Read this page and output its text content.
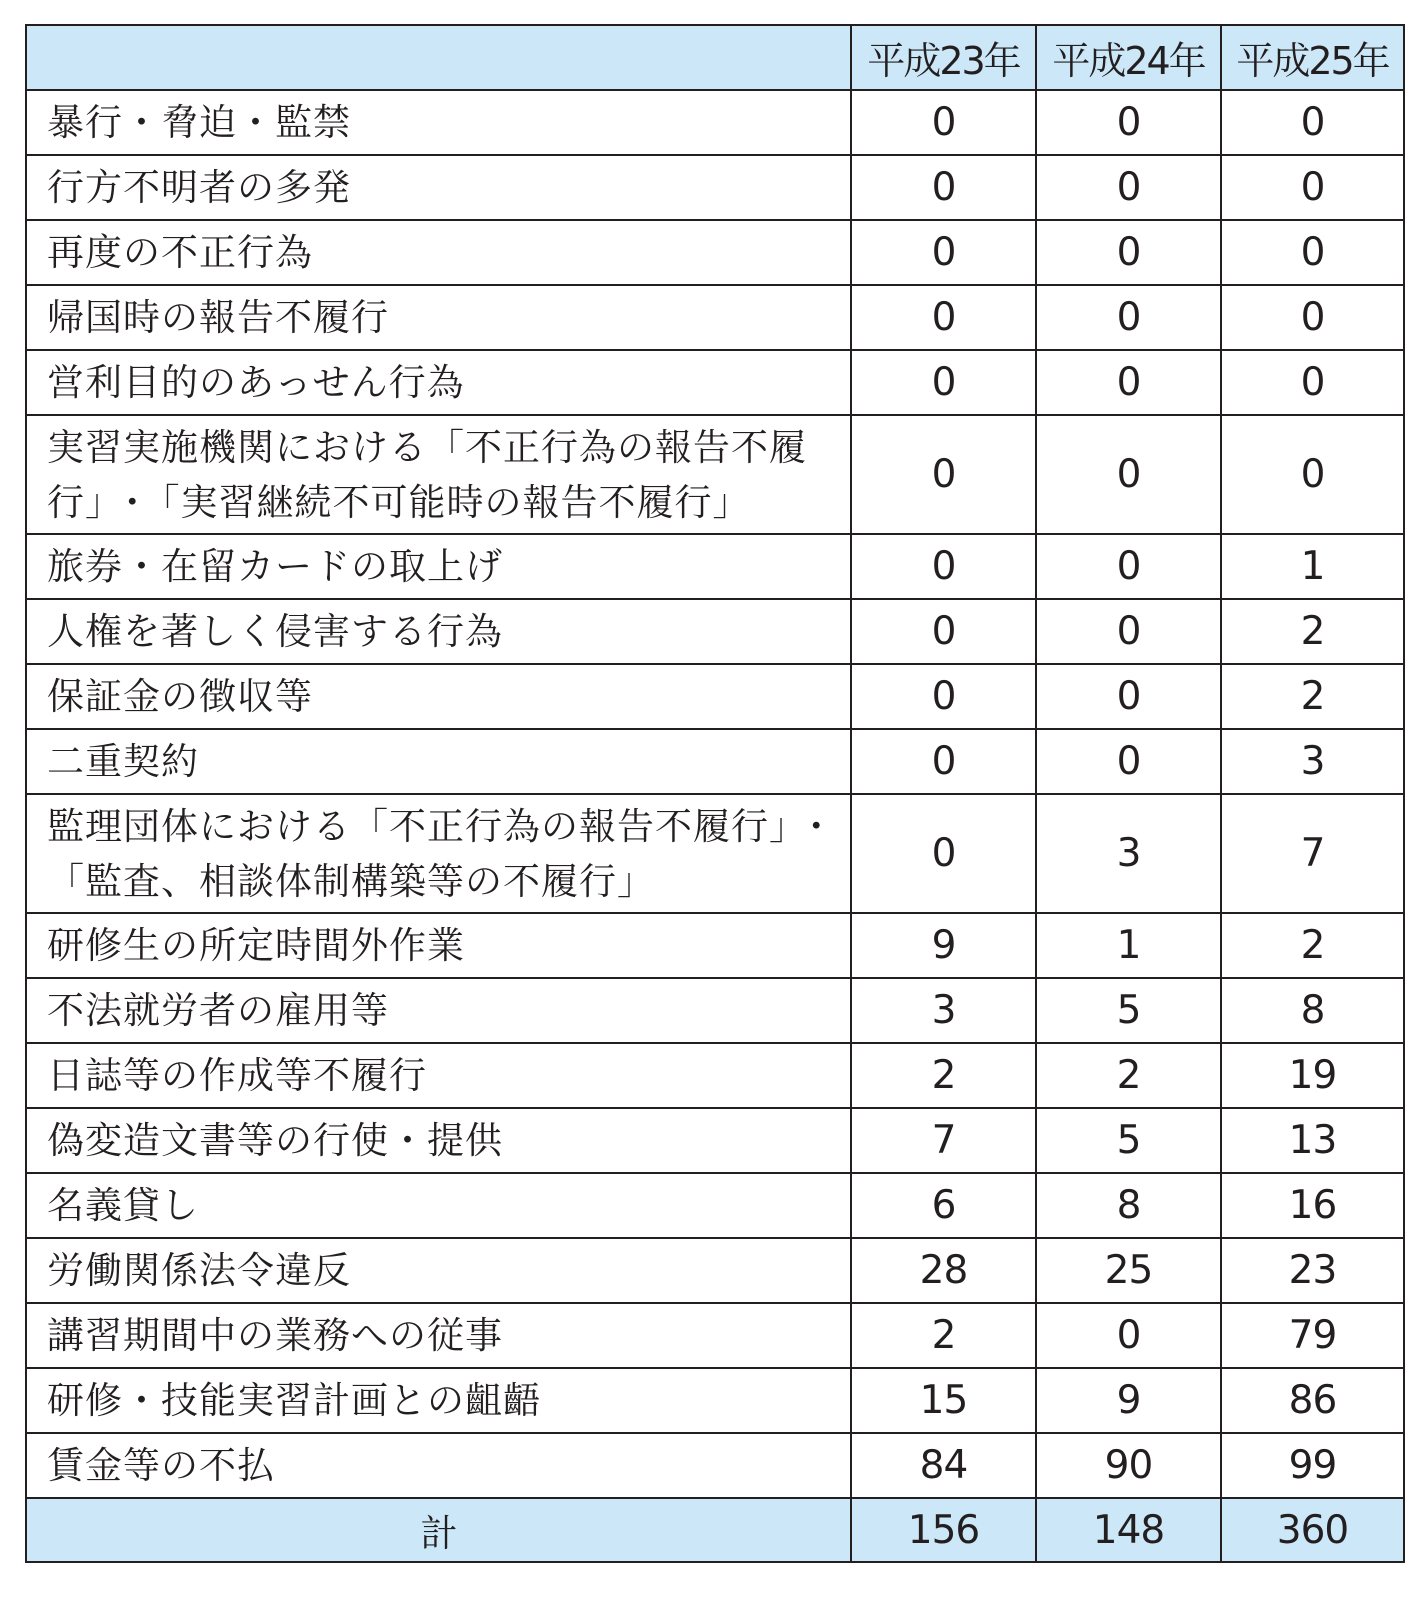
	平成23年	平成24年	平成25年
暴行・脅迫・監禁	0	0	0
行方不明者の多発	0	0	0
再度の不正行為	0	0	0
帰国時の報告不履行	0	0	0
営利目的のあっせん行為	0	0	0
実習実施機関における「不正行為の報告不履行」･「実習継続不可能時の報告不履行」	0	0	0
旅券・在留カードの取上げ	0	0	1
人権を著しく侵害する行為	0	0	2
保証金の徴収等	0	0	2
二重契約	0	0	3
監理団体における「不正行為の報告不履行」･「監査、相談体制構築等の不履行」	0	3	7
研修生の所定時間外作業	9	1	2
不法就労者の雇用等	3	5	8
日誌等の作成等不履行	2	2	19
偽変造文書等の行使・提供	7	5	13
名義貸し	6	8	16
労働関係法令違反	28	25	23
講習期間中の業務への従事	2	0	79
研修・技能実習計画との齟齬	15	9	86
賃金等の不払	84	90	99
計	156	148	360
